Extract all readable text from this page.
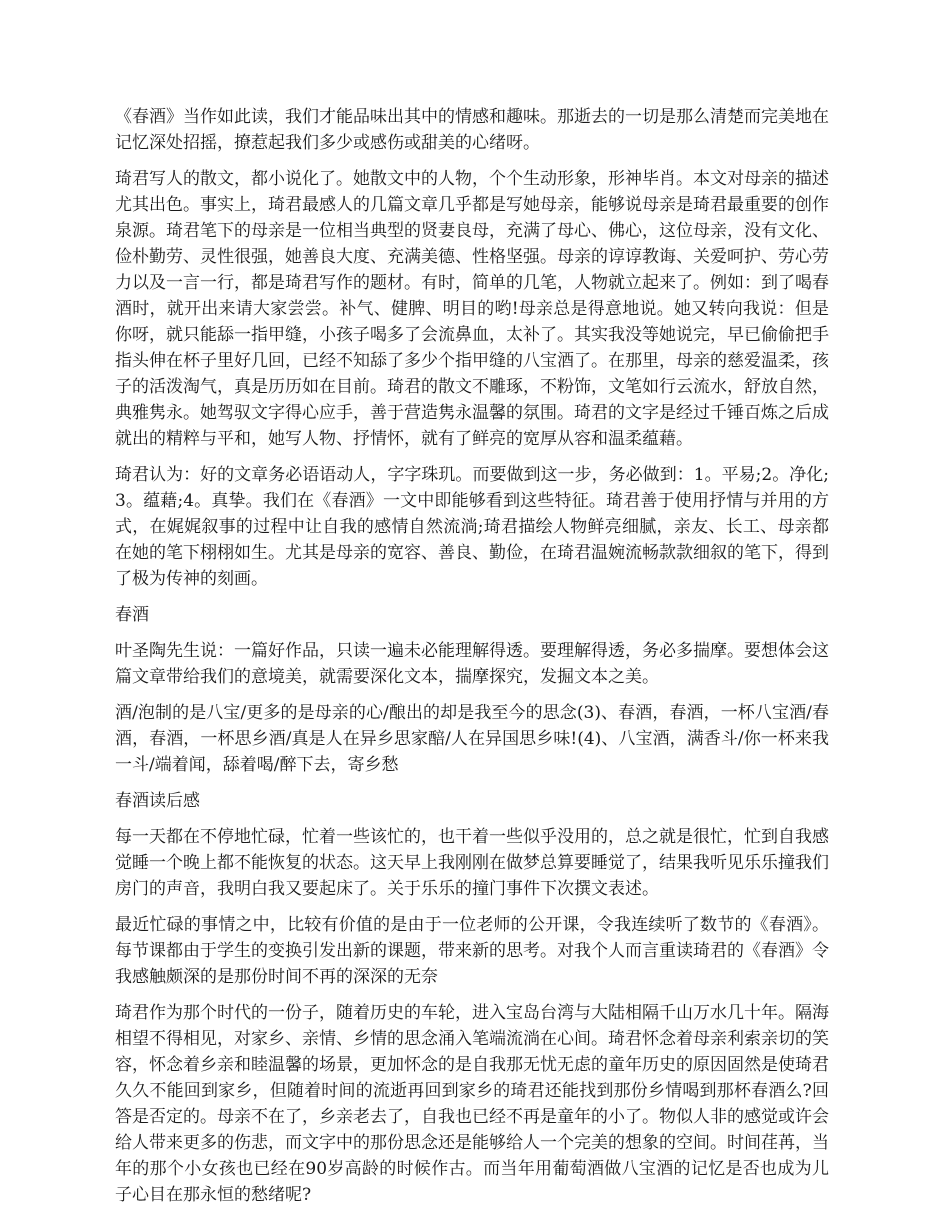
《春酒》当作如此读，我们才能品味出其中的情感和趣味。那逝去的一切是那么清楚而完美地在记忆深处招摇，撩惹起我们多少或感伤或甜美的心绪呀。

琦君写人的散文，都小说化了。她散文中的人物，个个生动形象，形神毕肖。本文对母亲的描述尤其出色。事实上，琦君最感人的几篇文章几乎都是写她母亲，能够说母亲是琦君最重要的创作泉源。琦君笔下的母亲是一位相当典型的贤妻良母，充满了母心、佛心，这位母亲，没有文化、俭朴勤劳、灵性很强，她善良大度、充满美德、性格坚强。母亲的谆谆教诲、关爱呵护、劳心劳力以及一言一行，都是琦君写作的题材。有时，简单的几笔，人物就立起来了。例如：到了喝春酒时，就开出来请大家尝尝。补气、健脾、明目的哟!母亲总是得意地说。她又转向我说：但是你呀，就只能舔一指甲缝，小孩子喝多了会流鼻血，太补了。其实我没等她说完，早已偷偷把手指头伸在杯子里好几回，已经不知舔了多少个指甲缝的八宝酒了。在那里，母亲的慈爱温柔，孩子的活泼淘气，真是历历如在目前。琦君的散文不雕琢，不粉饰，文笔如行云流水，舒放自然，典雅隽永。她驾驭文字得心应手，善于营造隽永温馨的氛围。琦君的文字是经过千锤百炼之后成就出的精粹与平和，她写人物、抒情怀，就有了鲜亮的宽厚从容和温柔蕴藉。

琦君认为：好的文章务必语语动人，字字珠玑。而要做到这一步，务必做到：1。平易;2。净化;3。蕴藉;4。真挚。我们在《春酒》一文中即能够看到这些特征。琦君善于使用抒情与并用的方式，在娓娓叙事的过程中让自我的感情自然流淌;琦君描绘人物鲜亮细腻，亲友、长工、母亲都在她的笔下栩栩如生。尤其是母亲的宽容、善良、勤俭，在琦君温婉流畅款款细叙的笔下，得到了极为传神的刻画。

春酒

叶圣陶先生说：一篇好作品，只读一遍未必能理解得透。要理解得透，务必多揣摩。要想体会这篇文章带给我们的意境美，就需要深化文本，揣摩探究，发掘文本之美。

酒/泡制的是八宝/更多的是母亲的心/酿出的却是我至今的思念(3)、春酒，春酒，一杯八宝酒/春酒，春酒，一杯思乡酒/真是人在异乡思家醅/人在异国思乡味!(4)、八宝酒，满香斗/你一杯来我一斗/端着闻，舔着喝/醉下去，寄乡愁

春酒读后感

每一天都在不停地忙碌，忙着一些该忙的，也干着一些似乎没用的，总之就是很忙，忙到自我感觉睡一个晚上都不能恢复的状态。这天早上我刚刚在做梦总算要睡觉了，结果我听见乐乐撞我们房门的声音，我明白我又要起床了。关于乐乐的撞门事件下次撰文表述。

最近忙碌的事情之中，比较有价值的是由于一位老师的公开课，令我连续听了数节的《春酒》。每节课都由于学生的变换引发出新的课题，带来新的思考。对我个人而言重读琦君的《春酒》令我感触颇深的是那份时间不再的深深的无奈

琦君作为那个时代的一份子，随着历史的车轮，进入宝岛台湾与大陆相隔千山万水几十年。隔海相望不得相见，对家乡、亲情、乡情的思念涌入笔端流淌在心间。琦君怀念着母亲利索亲切的笑容，怀念着乡亲和睦温馨的场景，更加怀念的是自我那无忧无虑的童年历史的原因固然是使琦君久久不能回到家乡，但随着时间的流逝再回到家乡的琦君还能找到那份乡情喝到那杯春酒么?回答是否定的。母亲不在了，乡亲老去了，自我也已经不再是童年的小了。物似人非的感觉或许会给人带来更多的伤悲，而文字中的那份思念还是能够给人一个完美的想象的空间。时间荏苒，当年的那个小女孩也已经在90岁高龄的时候作古。而当年用葡萄酒做八宝酒的记忆是否也成为儿子心目在那永恒的愁绪呢?
